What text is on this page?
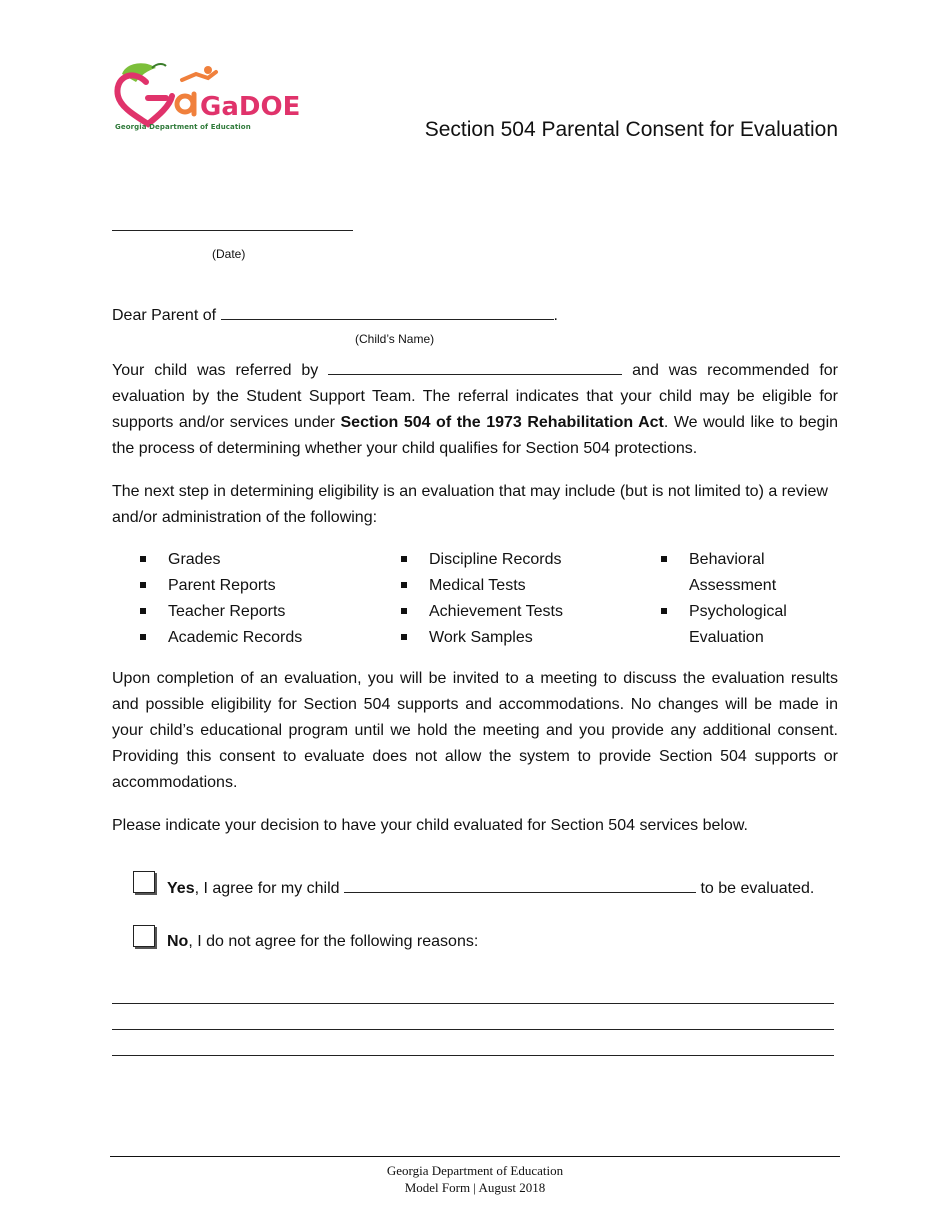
GaDOE
Georgia Department of Education	Section 504 Parental Consent for Evaluation
(Date)
Dear Parent of	.
(Child’s Name)
Your child was referred by	and was recommended for evaluation by the Student Support Team. The referral indicates that your child may be eligible for supports and/or services under Section 504 of the 1973 Rehabilitation Act. We would like to begin the process of determining whether your child qualifies for Section 504 protections.
The next step in determining eligibility is an evaluation that may include (but is not limited to) a review and/or administration of the following:
Grades
Parent Reports
Teacher Reports
Academic Records
Discipline Records
Medical Tests
Achievement Tests
Work Samples
Behavioral
Assessment
Psychological
Evaluation
Upon completion of an evaluation, you will be invited to a meeting to discuss the evaluation results and possible eligibility for Section 504 supports and accommodations. No changes will be made in your child’s educational program until we hold the meeting and you provide any additional consent.  Providing this consent to evaluate does not allow the system to provide Section 504 supports or accommodations.
Please indicate your decision to have your child evaluated for Section 504 services below.
Yes, I agree for my child	to be evaluated.
No, I do not agree for the following reasons:
Georgia Department of Education
Model Form | August 2018
